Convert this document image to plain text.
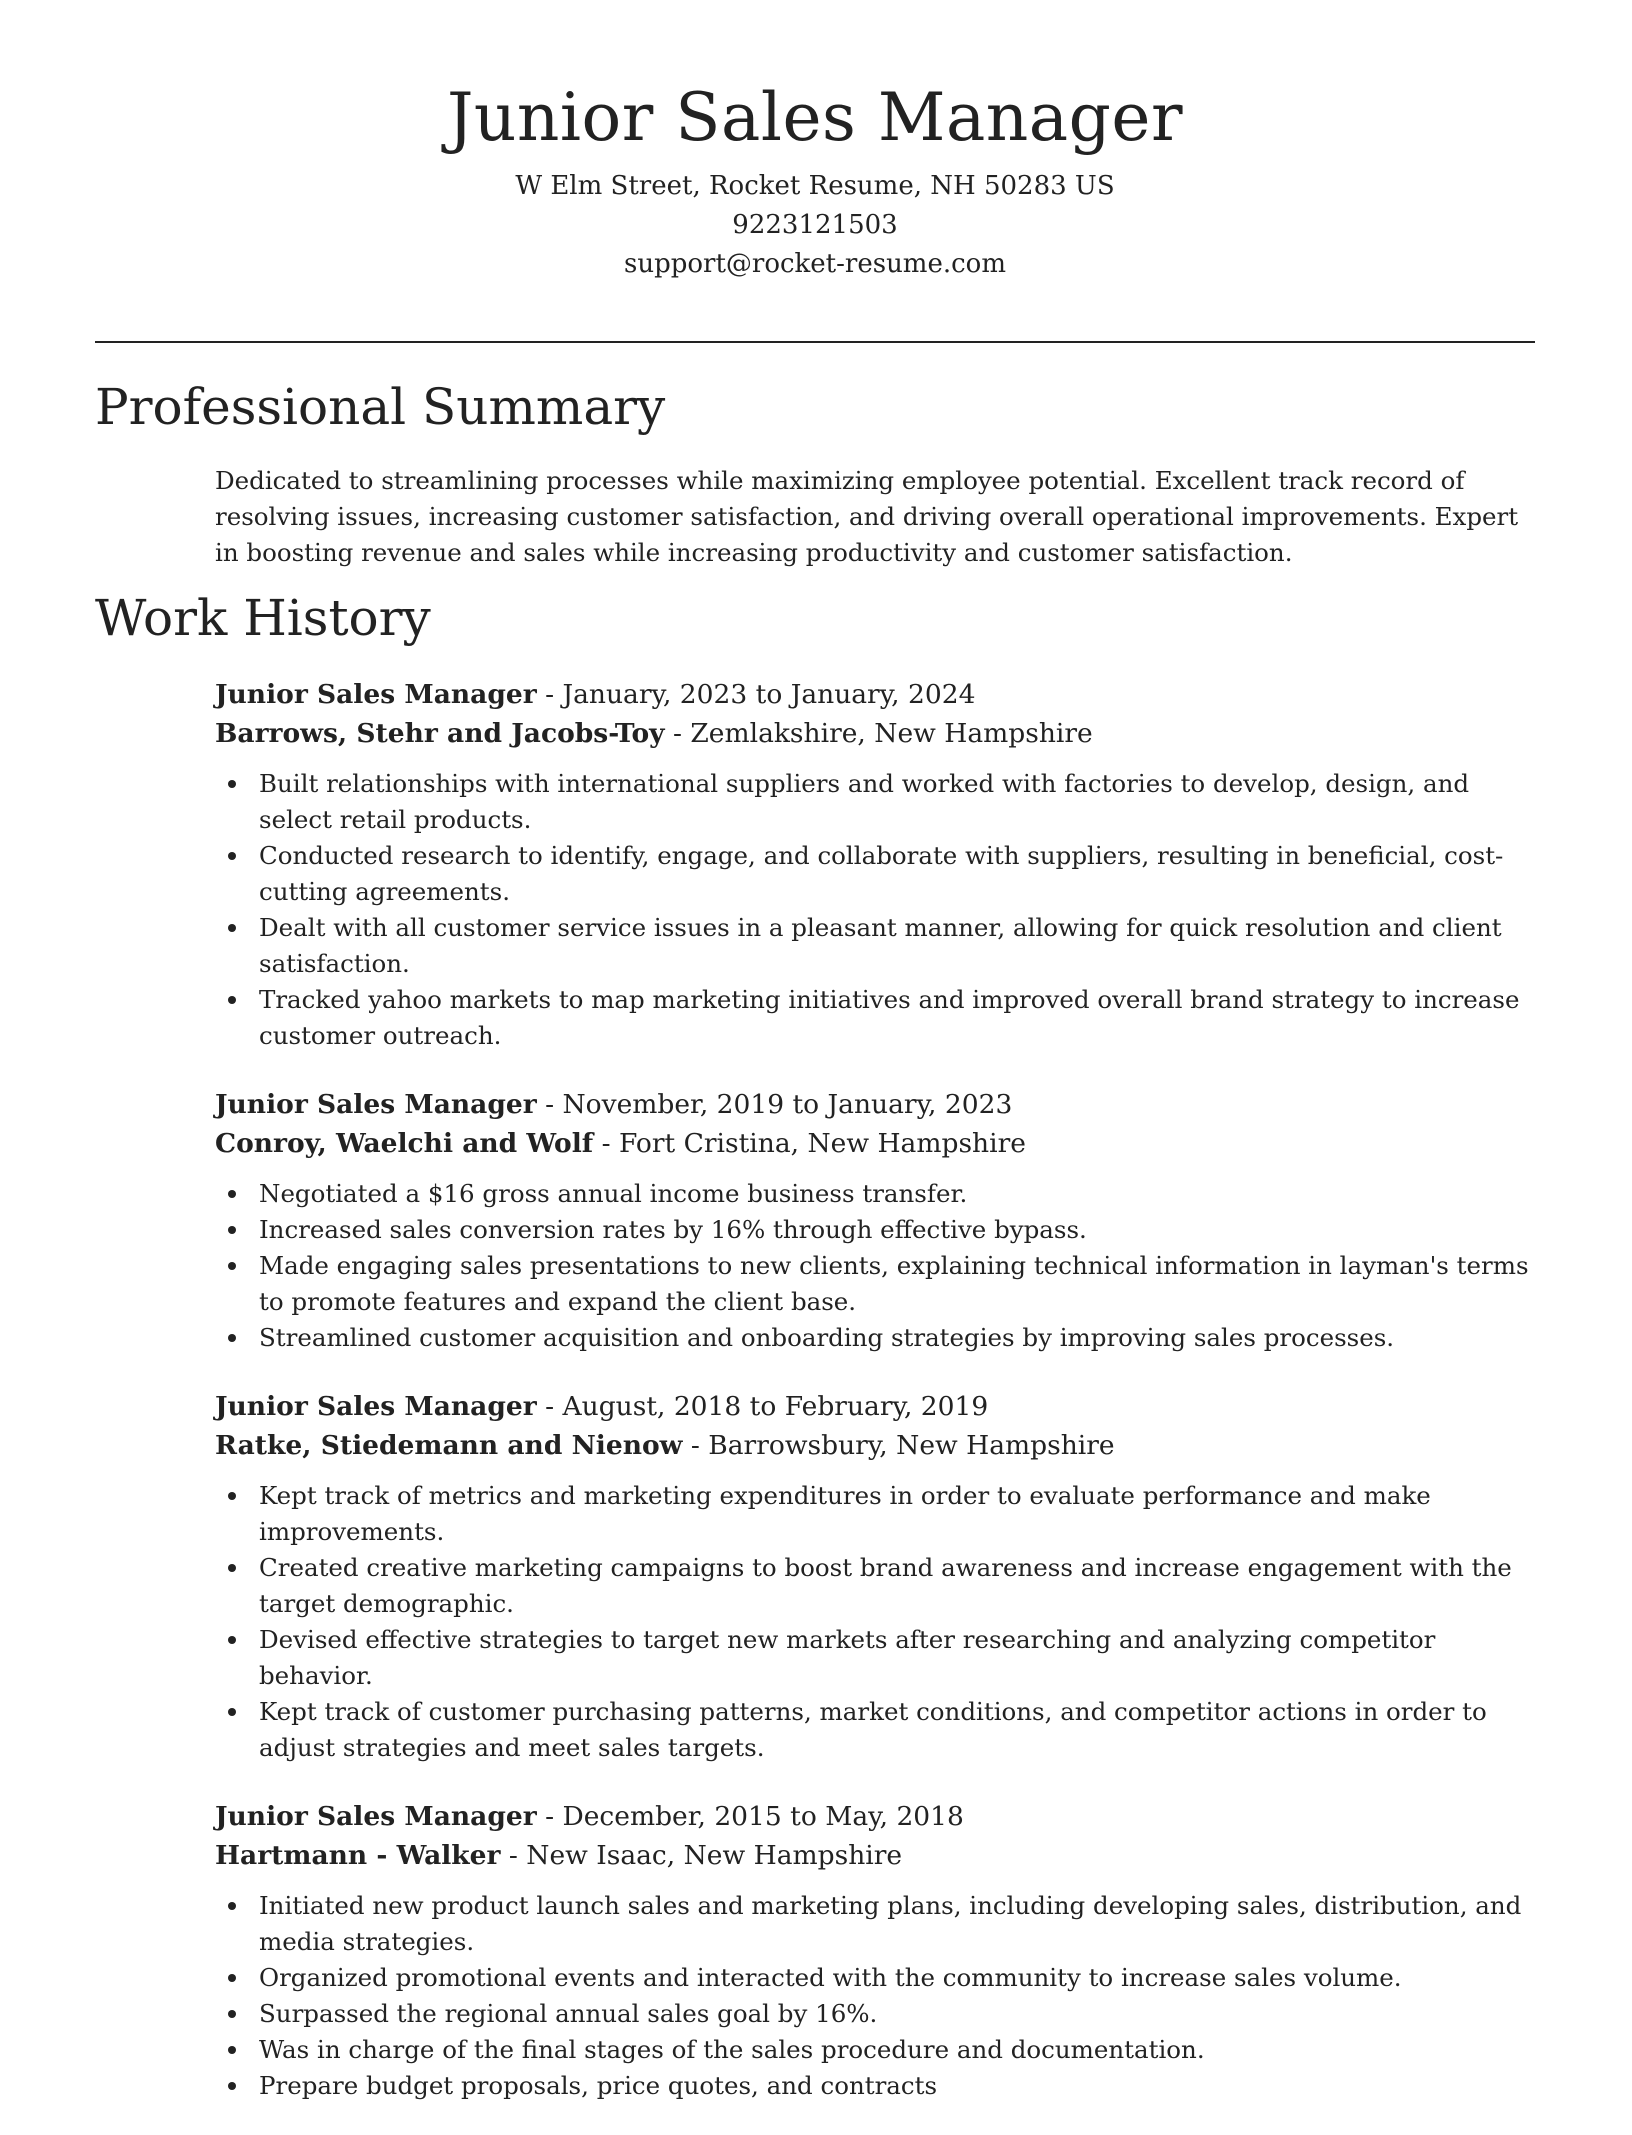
Junior Sales Manager

W Elm Street, Rocket Resume, NH 50283 US

9223121503

support@rocket-resume.com

Professional Summary

Dedicated to streamlining processes while maximizing employee potential. Excellent track record of resolving issues, increasing customer satisfaction, and driving overall operational improvements. Expert in boosting revenue and sales while increasing productivity and customer satisfaction.

Work History

Junior Sales Manager - January, 2023 to January, 2024

Barrows, Stehr and Jacobs-Toy - Zemlakshire, New Hampshire

Built relationships with international suppliers and worked with factories to develop, design, and select retail products.
Conducted research to identify, engage, and collaborate with suppliers, resulting in beneficial, cost-cutting agreements.
Dealt with all customer service issues in a pleasant manner, allowing for quick resolution and client satisfaction.
Tracked yahoo markets to map marketing initiatives and improved overall brand strategy to increase customer outreach.

Junior Sales Manager - November, 2019 to January, 2023

Conroy, Waelchi and Wolf - Fort Cristina, New Hampshire

Negotiated a $16 gross annual income business transfer.
Increased sales conversion rates by 16% through effective bypass.
Made engaging sales presentations to new clients, explaining technical information in layman's terms to promote features and expand the client base.
Streamlined customer acquisition and onboarding strategies by improving sales processes.

Junior Sales Manager - August, 2018 to February, 2019

Ratke, Stiedemann and Nienow - Barrowsbury, New Hampshire

Kept track of metrics and marketing expenditures in order to evaluate performance and make improvements.
Created creative marketing campaigns to boost brand awareness and increase engagement with the target demographic.
Devised effective strategies to target new markets after researching and analyzing competitor behavior.
Kept track of customer purchasing patterns, market conditions, and competitor actions in order to adjust strategies and meet sales targets.

Junior Sales Manager - December, 2015 to May, 2018

Hartmann - Walker - New Isaac, New Hampshire

Initiated new product launch sales and marketing plans, including developing sales, distribution, and media strategies.
Organized promotional events and interacted with the community to increase sales volume.
Surpassed the regional annual sales goal by 16%.
Was in charge of the final stages of the sales procedure and documentation.
Prepare budget proposals, price quotes, and contracts
